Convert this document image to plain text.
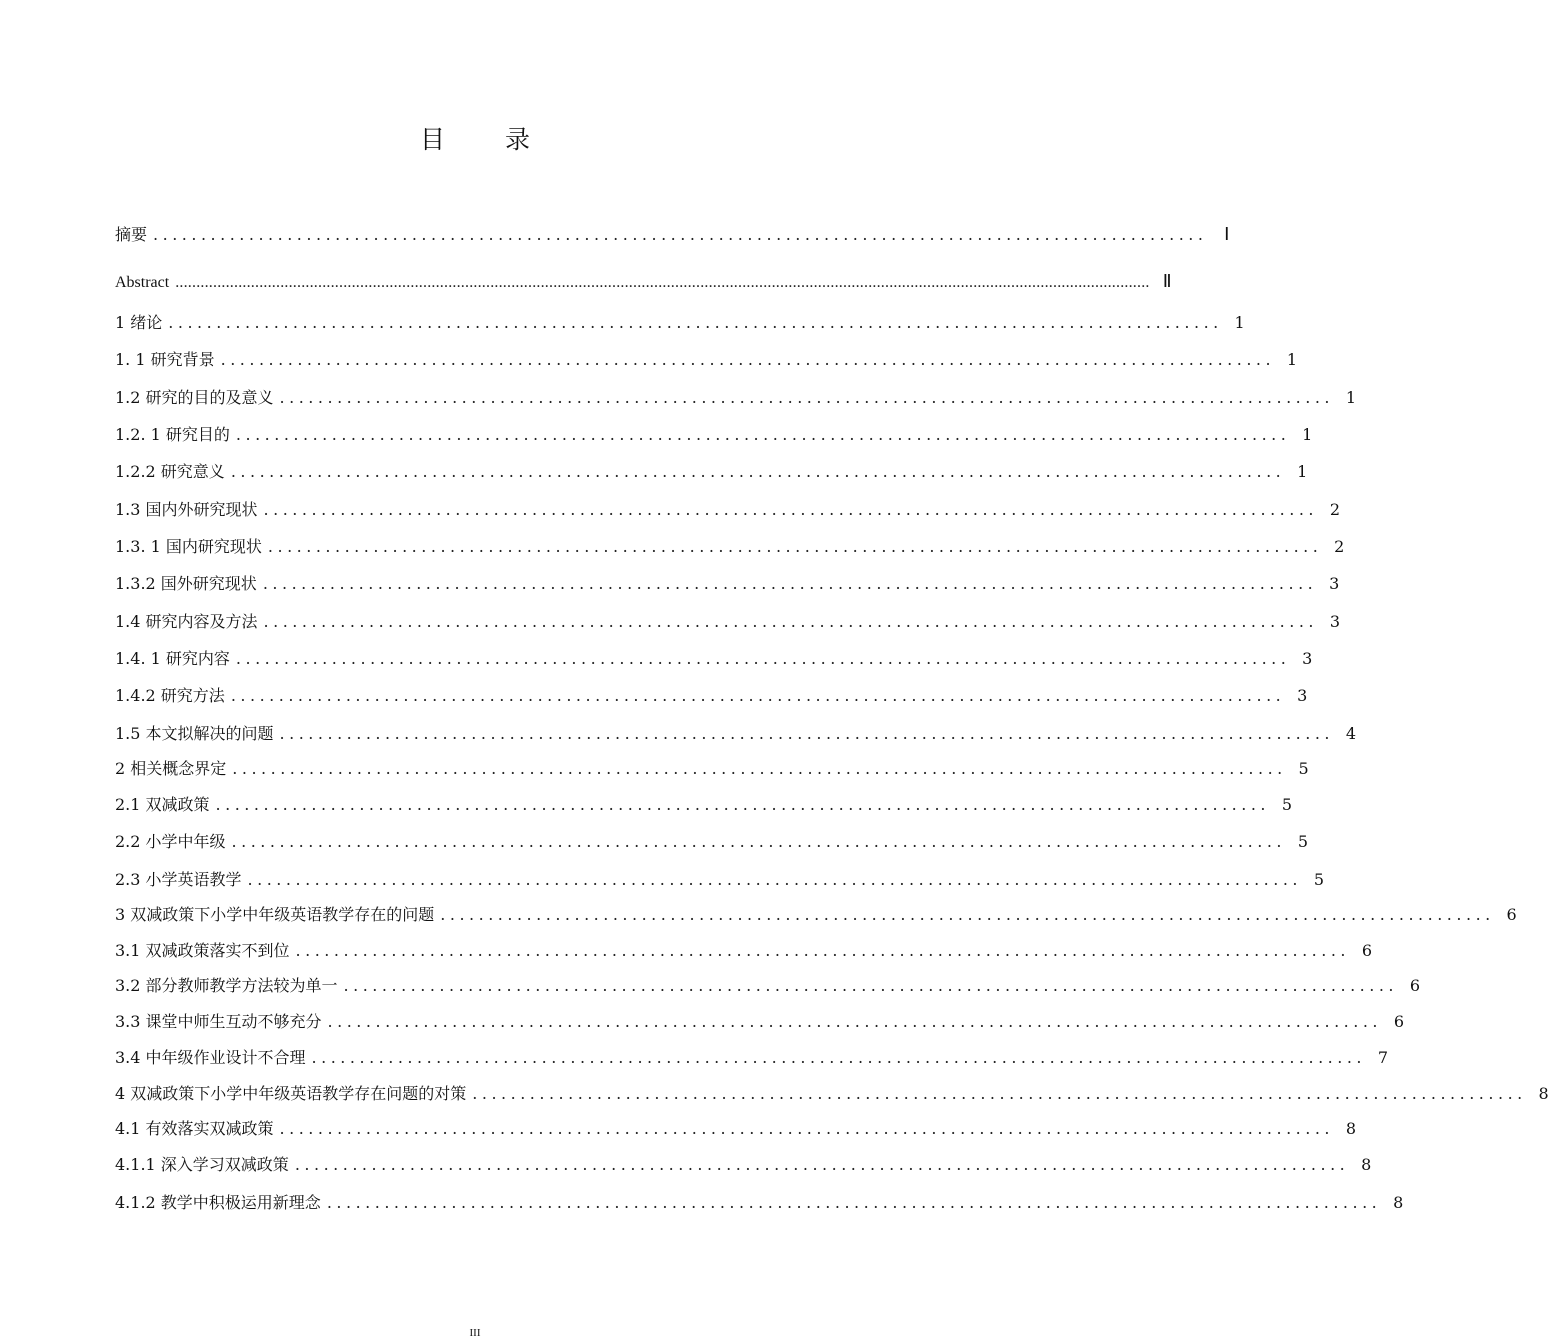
目 录
摘要 .............................................................................................................. Ⅰ
Abstract ........................................................................................................................................................................................................................................ Ⅱ
1 绪论 .............................................................................................................. 1
1. 1 研究背景 .............................................................................................................. 1
1.2 研究的目的及意义 .............................................................................................................. 1
1.2. 1 研究目的 .............................................................................................................. 1
1.2.2 研究意义 .............................................................................................................. 1
1.3 国内外研究现状 .............................................................................................................. 2
1.3. 1 国内研究现状 .............................................................................................................. 2
1.3.2 国外研究现状 .............................................................................................................. 3
1.4 研究内容及方法 .............................................................................................................. 3
1.4. 1 研究内容 .............................................................................................................. 3
1.4.2 研究方法 .............................................................................................................. 3
1.5 本文拟解决的问题 .............................................................................................................. 4
2 相关概念界定 .............................................................................................................. 5
2.1 双减政策 .............................................................................................................. 5
2.2 小学中年级 .............................................................................................................. 5
2.3 小学英语教学 .............................................................................................................. 5
3 双减政策下小学中年级英语教学存在的问题 .............................................................................................................. 6
3.1 双减政策落实不到位 .............................................................................................................. 6
3.2 部分教师教学方法较为单一 .............................................................................................................. 6
3.3 课堂中师生互动不够充分 .............................................................................................................. 6
3.4 中年级作业设计不合理 .............................................................................................................. 7
4 双减政策下小学中年级英语教学存在问题的对策 .............................................................................................................. 8
4.1 有效落实双减政策 .............................................................................................................. 8
4.1.1 深入学习双减政策 .............................................................................................................. 8
4.1.2 教学中积极运用新理念 .............................................................................................................. 8
III
